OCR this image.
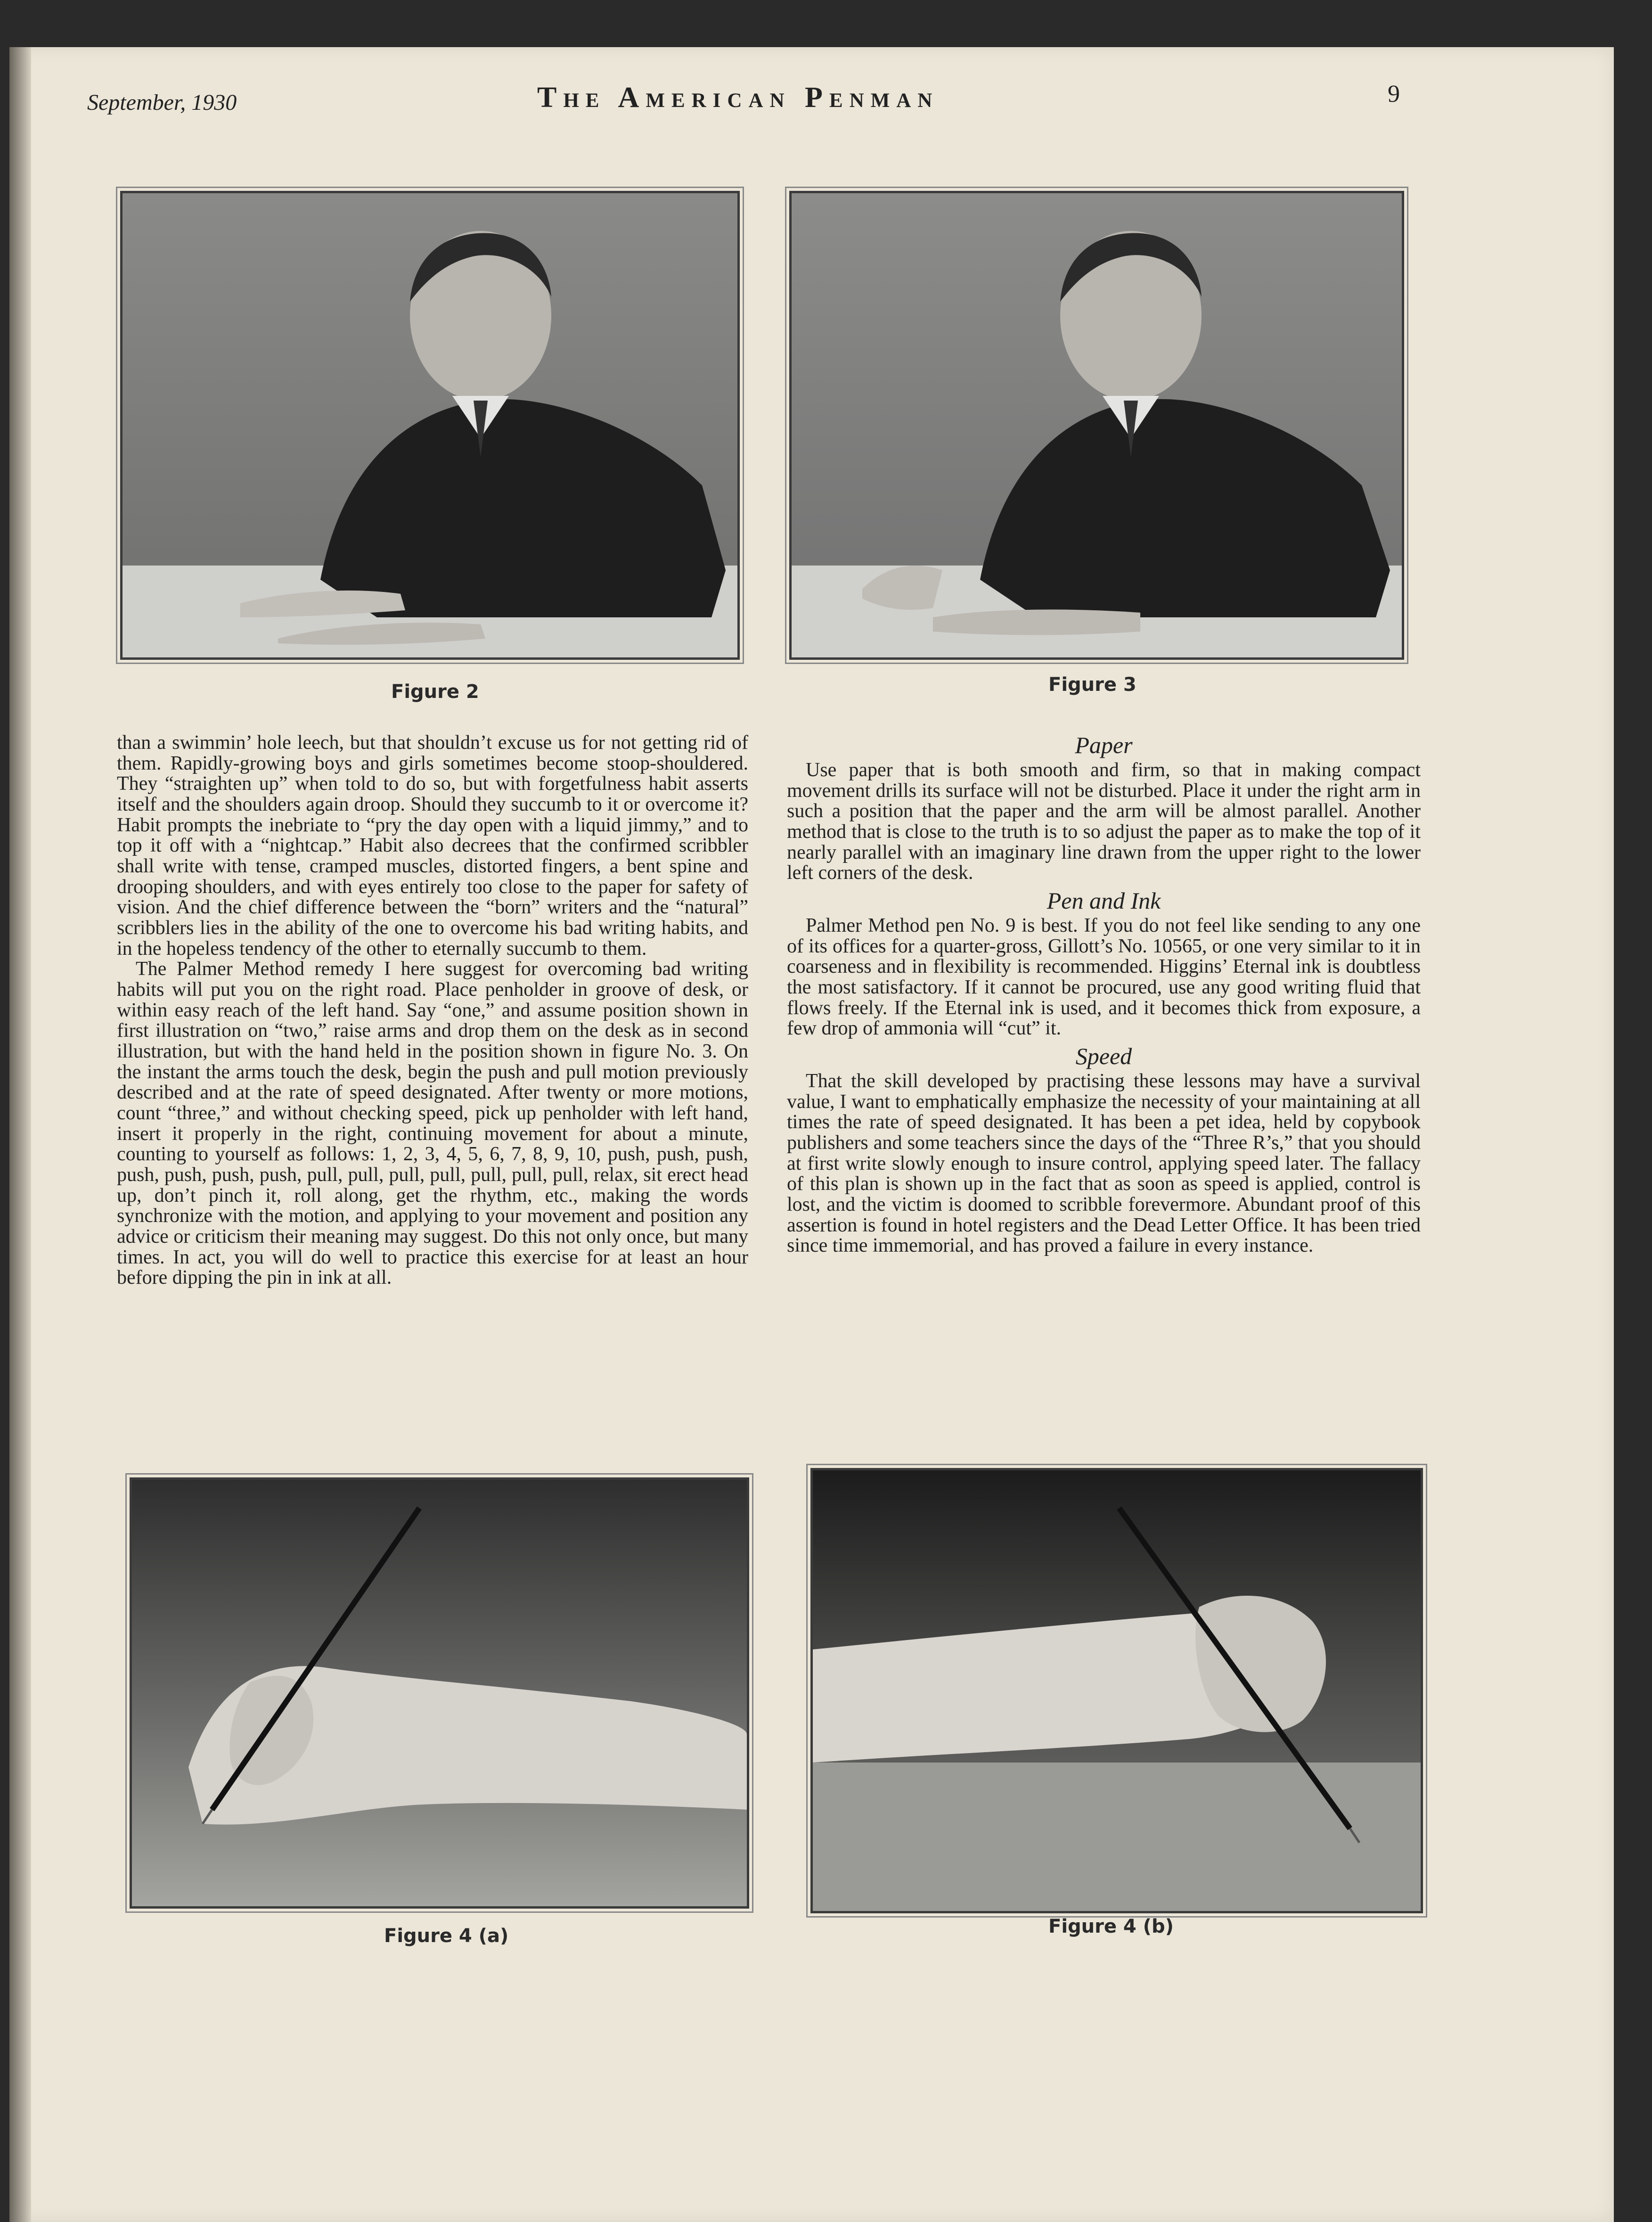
September, 1930	The American Penman	9
Figure 2	Figure 3

than a swimmin’ hole leech, but that shouldn’t excuse us for not getting rid of them. Rapidly-growing boys and girls sometimes become stoop-shouldered. They “straighten up” when told to do so, but with forgetfulness habit asserts itself and the shoulders again droop. Should they succumb to it or overcome it? Habit prompts the inebriate to “pry the day open with a liquid jimmy,” and to top it off with a “nightcap.” Habit also decrees that the confirmed scribbler shall write with tense, cramped muscles, distorted fingers, a bent spine and drooping shoulders, and with eyes entirely too close to the paper for safety of vision. And the chief difference between the “born” writers and the “natural” scribblers lies in the ability of the one to overcome his bad writing habits, and in the hopeless tendency of the other to eternally succumb to them.

The Palmer Method remedy I here suggest for overcoming bad writing habits will put you on the right road. Place penholder in groove of desk, or within easy reach of the left hand. Say “one,” and assume position shown in first illustration on “two,” raise arms and drop them on the desk as in second illustration, but with the hand held in the position shown in figure No. 3. On the instant the arms touch the desk, begin the push and pull motion previously described and at the rate of speed designated. After twenty or more motions, count “three,” and without checking speed, pick up penholder with left hand, insert it properly in the right, continuing movement for about a minute, counting to yourself as follows: 1, 2, 3, 4, 5, 6, 7, 8, 9, 10, push, push, push, push, push, push, push, pull, pull, pull, pull, pull, pull, pull, relax, sit erect head up, don’t pinch it, roll along, get the rhythm, etc., making the words synchronize with the motion, and applying to your movement and position any advice or criticism their meaning may suggest. Do this not only once, but many times. In act, you will do well to practice this exercise for at least an hour before dipping the pin in ink at all.

Paper

Use paper that is both smooth and firm, so that in making compact movement drills its surface will not be disturbed. Place it under the right arm in such a position that the paper and the arm will be almost parallel. Another method that is close to the truth is to so adjust the paper as to make the top of it nearly parallel with an imaginary line drawn from the upper right to the lower left corners of the desk.

Pen and Ink

Palmer Method pen No. 9 is best. If you do not feel like sending to any one of its offices for a quarter-gross, Gillott’s No. 10565, or one very similar to it in coarseness and in flexibility is recommended. Higgins’ Eternal ink is doubtless the most satisfactory. If it cannot be procured, use any good writing fluid that flows freely. If the Eternal ink is used, and it becomes thick from exposure, a few drop of ammonia will “cut” it.

Speed

That the skill developed by practising these lessons may have a survival value, I want to emphatically emphasize the necessity of your maintaining at all times the rate of speed designated. It has been a pet idea, held by copybook publishers and some teachers since the days of the “Three R’s,” that you should at first write slowly enough to insure control, applying speed later. The fallacy of this plan is shown up in the fact that as soon as speed is applied, control is lost, and the victim is doomed to scribble forevermore. Abundant proof of this assertion is found in hotel registers and the Dead Letter Office. It has been tried since time immemorial, and has proved a failure in every instance.

Figure 4 (a)	Figure 4 (b)
